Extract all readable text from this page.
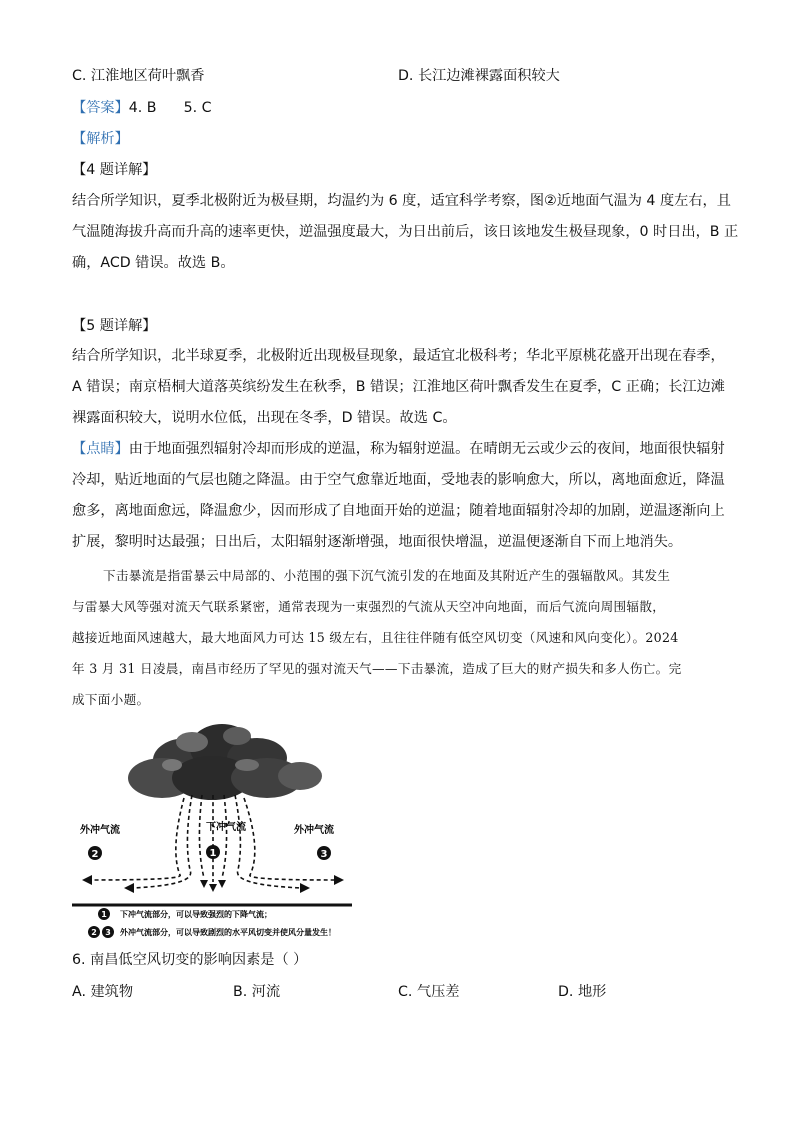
C. 江淮地区荷叶飘香	D. 长江边滩裸露面积较大
【答案】4. B      5. C
【解析】
【4 题详解】
结合所学知识，夏季北极附近为极昼期，均温约为 6 度，适宜科学考察，图②近地面气温为 4 度左右，且
气温随海拔升高而升高的速率更快，逆温强度最大，为日出前后，该日该地发生极昼现象，0 时日出，B 正
确，ACD 错误。故选 B。
【5 题详解】
结合所学知识，北半球夏季，北极附近出现极昼现象，最适宜北极科考；华北平原桃花盛开出现在春季，
A 错误；南京梧桐大道落英缤纷发生在秋季，B 错误；江淮地区荷叶飘香发生在夏季，C 正确；长江边滩
裸露面积较大，说明水位低，出现在冬季，D 错误。故选 C。
【点睛】由于地面强烈辐射冷却而形成的逆温，称为辐射逆温。在晴朗无云或少云的夜间，地面很快辐射
冷却，贴近地面的气层也随之降温。由于空气愈靠近地面，受地表的影响愈大，所以，离地面愈近，降温
愈多，离地面愈远，降温愈少，因而形成了自地面开始的逆温；随着地面辐射冷却的加剧，逆温逐渐向上
扩展，黎明时达最强；日出后，太阳辐射逐渐增强，地面很快增温，逆温便逐渐自下而上地消失。
下击暴流是指雷暴云中局部的、小范围的强下沉气流引发的在地面及其附近产生的强辐散风。其发生
与雷暴大风等强对流天气联系紧密，通常表现为一束强烈的气流从天空冲向地面，而后气流向周围辐散，
越接近地面风速越大，最大地面风力可达 15 级左右，且往往伴随有低空风切变（风速和风向变化）。2024
年 3 月 31 日凌晨，南昌市经历了罕见的强对流天气——下击暴流，造成了巨大的财产损失和多人伤亡。完
成下面小题。
外冲气流	下冲气流	外冲气流
1
2	3
1 下冲气流部分，可以导致强烈的下降气流；
2 3 外冲气流部分，可以导致剧烈的水平风切变并使风分量发生！
6. 南昌低空风切变的影响因素是（ ）
A. 建筑物	B. 河流	C. 气压差	D. 地形
